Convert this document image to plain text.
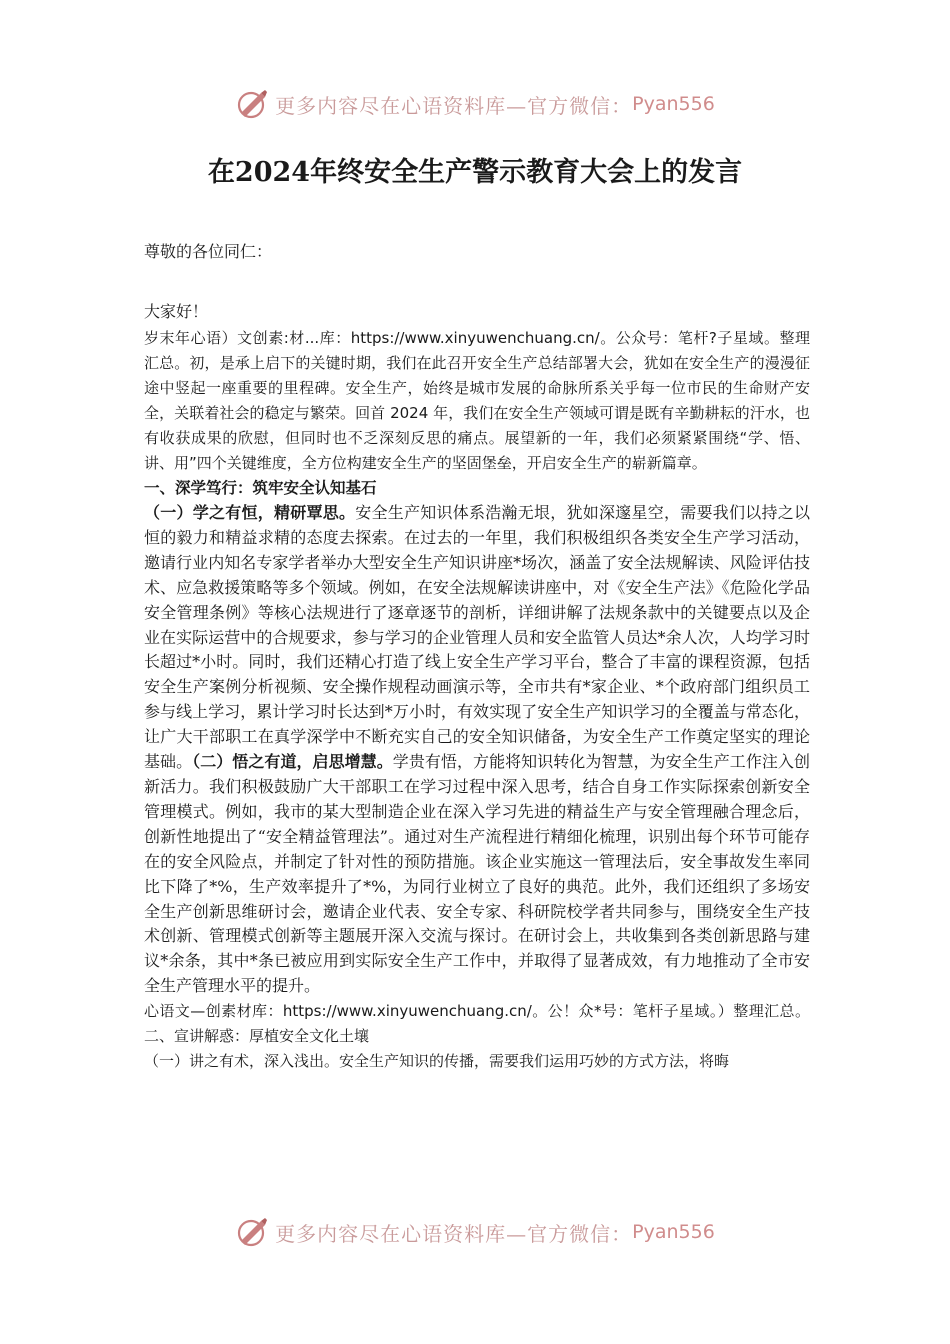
更多内容尽在心语资料库—官方微信： Pyan556
在2024年终安全生产警示教育大会上的发言

尊敬的各位同仁：

大家好！

岁末年心语）文创素:材...库：https://www.xinyuwenchuang.cn/。公众号：笔杆?子星域。整理汇总。初，是承上启下的关键时期，我们在此召开安全生产总结部署大会，犹如在安全生产的漫漫征途中竖起一座重要的里程碑。安全生产，始终是城市发展的命脉所系关乎每一位市民的生命财产安全，关联着社会的稳定与繁荣。回首 2024 年，我们在安全生产领域可谓是既有辛勤耕耘的汗水，也有收获成果的欣慰，但同时也不乏深刻反思的痛点。展望新的一年，我们必须紧紧围绕“学、悟、讲、用”四个关键维度，全方位构建安全生产的坚固堡垒，开启安全生产的崭新篇章。

一、深学笃行：筑牢安全认知基石

（一）学之有恒，精研覃思。安全生产知识体系浩瀚无垠，犹如深邃星空，需要我们以持之以恒的毅力和精益求精的态度去探索。在过去的一年里，我们积极组织各类安全生产学习活动，邀请行业内知名专家学者举办大型安全生产知识讲座*场次，涵盖了安全法规解读、风险评估技术、应急救援策略等多个领域。例如，在安全法规解读讲座中，对《安全生产法》《危险化学品安全管理条例》等核心法规进行了逐章逐节的剖析，详细讲解了法规条款中的关键要点以及企业在实际运营中的合规要求，参与学习的企业管理人员和安全监管人员达*余人次，人均学习时长超过*小时。同时，我们还精心打造了线上安全生产学习平台，整合了丰富的课程资源，包括安全生产案例分析视频、安全操作规程动画演示等，全市共有*家企业、*个政府部门组织员工参与线上学习，累计学习时长达到*万小时，有效实现了安全生产知识学习的全覆盖与常态化，让广大干部职工在真学深学中不断充实自己的安全知识储备，为安全生产工作奠定坚实的理论基础。（二）悟之有道，启思增慧。学贵有悟，方能将知识转化为智慧，为安全生产工作注入创新活力。我们积极鼓励广大干部职工在学习过程中深入思考，结合自身工作实际探索创新安全管理模式。例如，我市的某大型制造企业在深入学习先进的精益生产与安全管理融合理念后，创新性地提出了“安全精益管理法”。通过对生产流程进行精细化梳理，识别出每个环节可能存在的安全风险点，并制定了针对性的预防措施。该企业实施这一管理法后，安全事故发生率同比下降了*%，生产效率提升了*%，为同行业树立了良好的典范。此外，我们还组织了多场安全生产创新思维研讨会，邀请企业代表、安全专家、科研院校学者共同参与，围绕安全生产技术创新、管理模式创新等主题展开深入交流与探讨。在研讨会上，共收集到各类创新思路与建议*余条，其中*条已被应用到实际安全生产工作中，并取得了显著成效，有力地推动了全市安全生产管理水平的提升。

心语文—创素材库：https://www.xinyuwenchuang.cn/。公！众*号：笔杆子星域。）整理汇总。二、宣讲解惑：厚植安全文化土壤

（一）讲之有术，深入浅出。安全生产知识的传播，需要我们运用巧妙的方式方法，将晦

更多内容尽在心语资料库—官方微信： Pyan556
